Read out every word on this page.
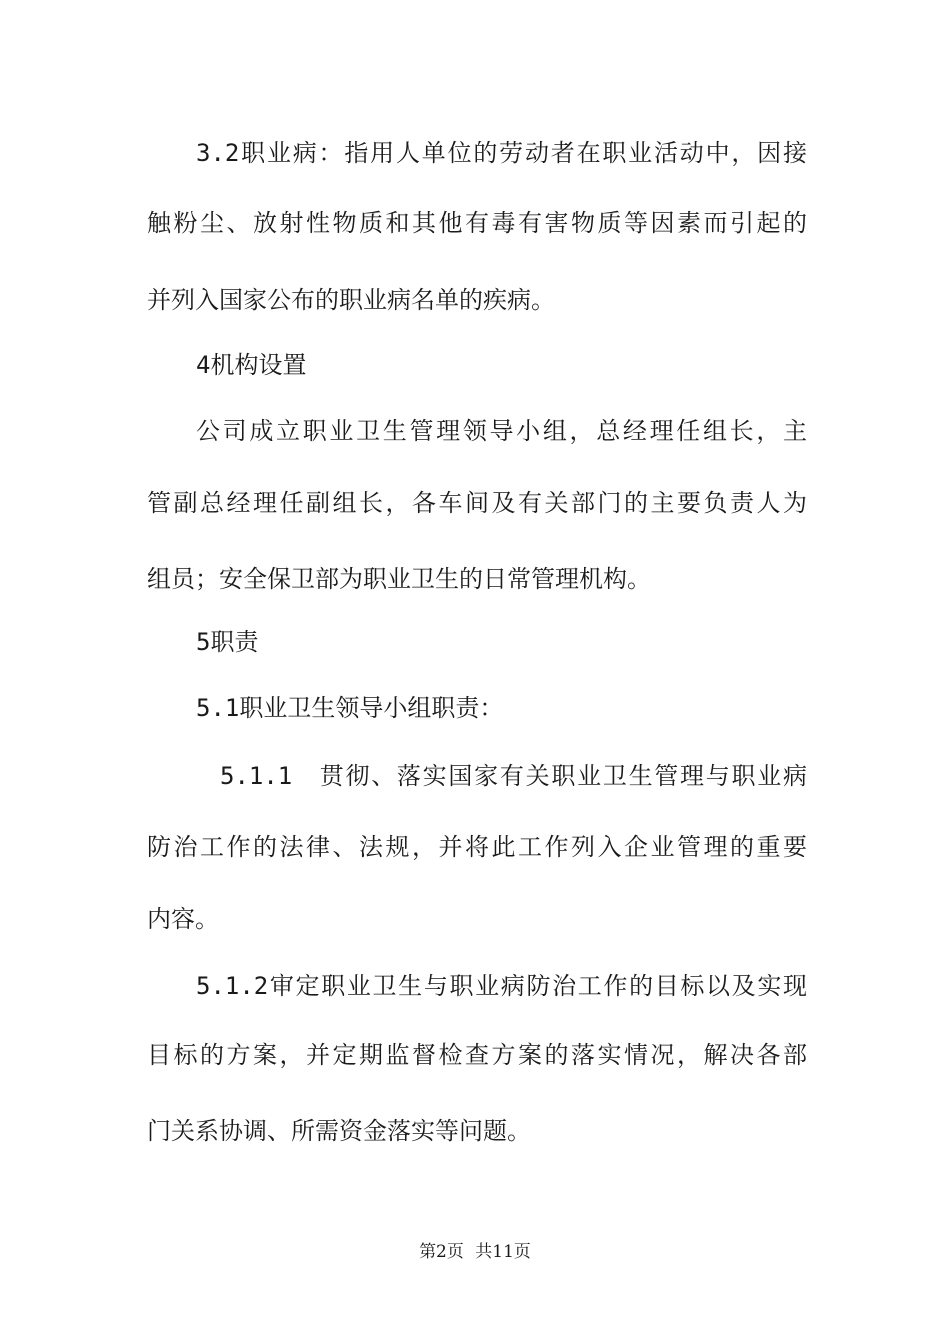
3.2职业病：指用人单位的劳动者在职业活动中，因接
触粉尘、放射性物质和其他有毒有害物质等因素而引起的
并列入国家公布的职业病名单的疾病。
4机构设置
公司成立职业卫生管理领导小组，总经理任组长，主
管副总经理任副组长，各车间及有关部门的主要负责人为
组员；安全保卫部为职业卫生的日常管理机构。
5职责
5.1职业卫生领导小组职责：
5.1.1　贯彻、落实国家有关职业卫生管理与职业病
防治工作的法律、法规，并将此工作列入企业管理的重要
内容。
5.1.2审定职业卫生与职业病防治工作的目标以及实现
目标的方案，并定期监督检查方案的落实情况，解决各部
门关系协调、所需资金落实等问题。
第2页 共11页
